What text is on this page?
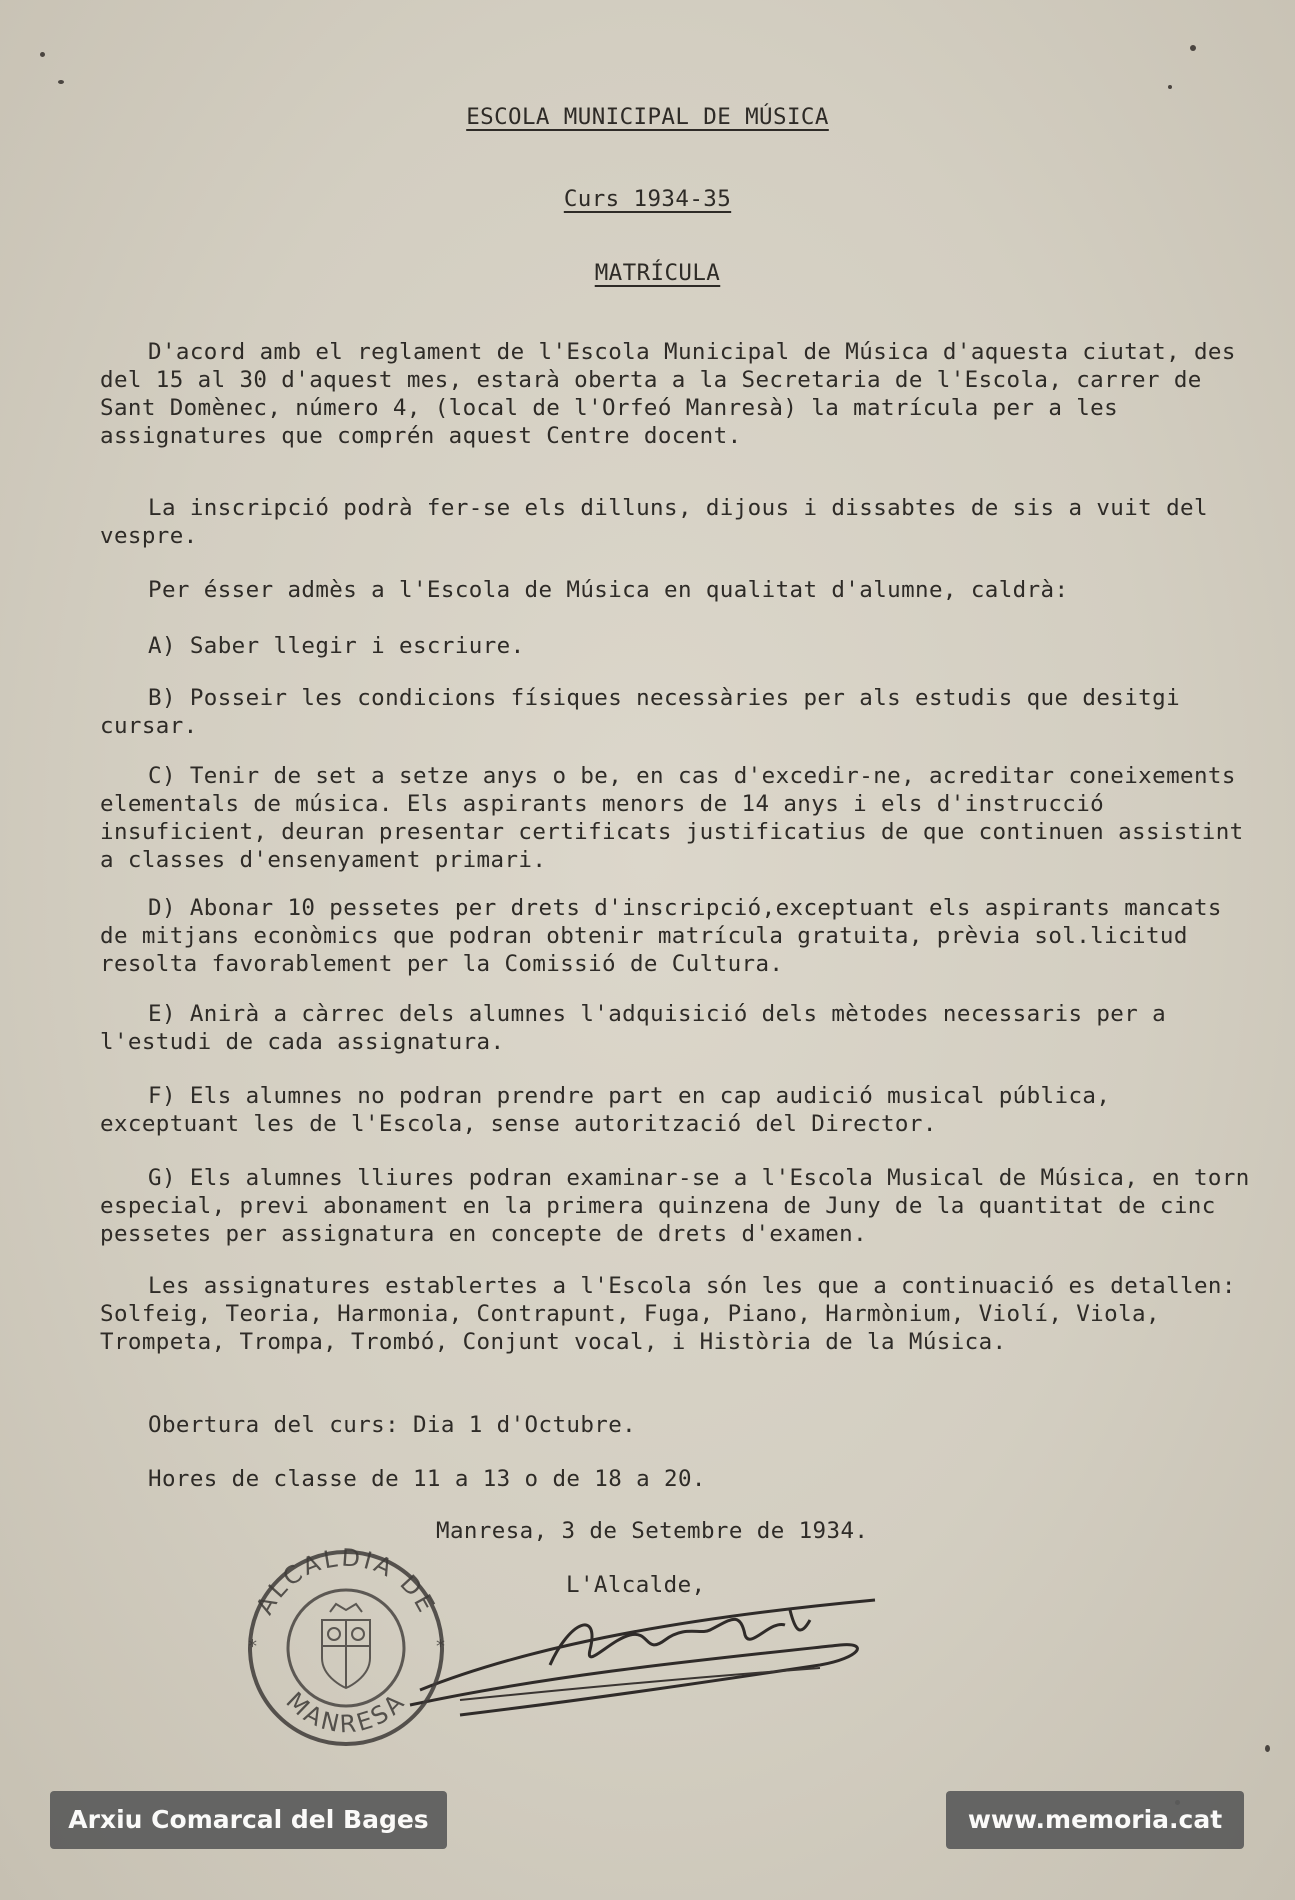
ESCOLA MUNICIPAL DE MÚSICA
Curs 1934-35
MATRÍCULA
D'acord amb el reglament de l'Escola Municipal de Música d'aquesta ciutat, des del 15 al 30 d'aquest mes, estarà oberta a la Secretaria de l'Escola, carrer de Sant Domènec, número 4, (local de l'Orfeó Manresà) la matrícula per a les assignatures que comprén aquest Centre docent.
La inscripció podrà fer-se els dilluns, dijous i dissabtes de sis a vuit del vespre.
Per ésser admès a l'Escola de Música en qualitat d'alumne, caldrà:
A) Saber llegir i escriure.
B) Posseir les condicions físiques necessàries per als estudis que desitgi cursar.
C) Tenir de set a setze anys o be, en cas d'excedir-ne, acreditar coneixements elementals de música. Els aspirants menors de 14 anys i els d'instrucció insuficient, deuran presentar certificats justificatius de que continuen assistint a classes d'ensenyament primari.
D) Abonar 10 pessetes per drets d'inscripció,exceptuant els aspirants mancats de mitjans econòmics que podran obtenir matrícula gratuita, prèvia sol.licitud resolta favorablement per la Comissió de Cultura.
E) Anirà a càrrec dels alumnes l'adquisició dels mètodes necessaris per a l'estudi de cada assignatura.
F) Els alumnes no podran prendre part en cap audició musical pública, exceptuant les de l'Escola, sense autorització del Director.
G) Els alumnes lliures podran examinar-se a l'Escola Musical de Música, en torn especial, previ abonament en la primera quinzena de Juny de la quantitat de cinc pessetes per assignatura en concepte de drets d'examen.
Les assignatures establertes a l'Escola són les que a continuació es detallen: Solfeig, Teoria, Harmonia, Contrapunt, Fuga, Piano, Harmònium, Violí, Viola, Trompeta, Trompa, Trombó, Conjunt vocal, i Història de la Música.
Obertura del curs: Dia 1 d'Octubre.
Hores de classe de 11 a 13 o de 18 a 20.
Manresa, 3 de Setembre de 1934.
L'Alcalde,
ALCALDIA DE
MANRESA
*	*
Arxiu Comarcal del Bages	www.memoria.cat
